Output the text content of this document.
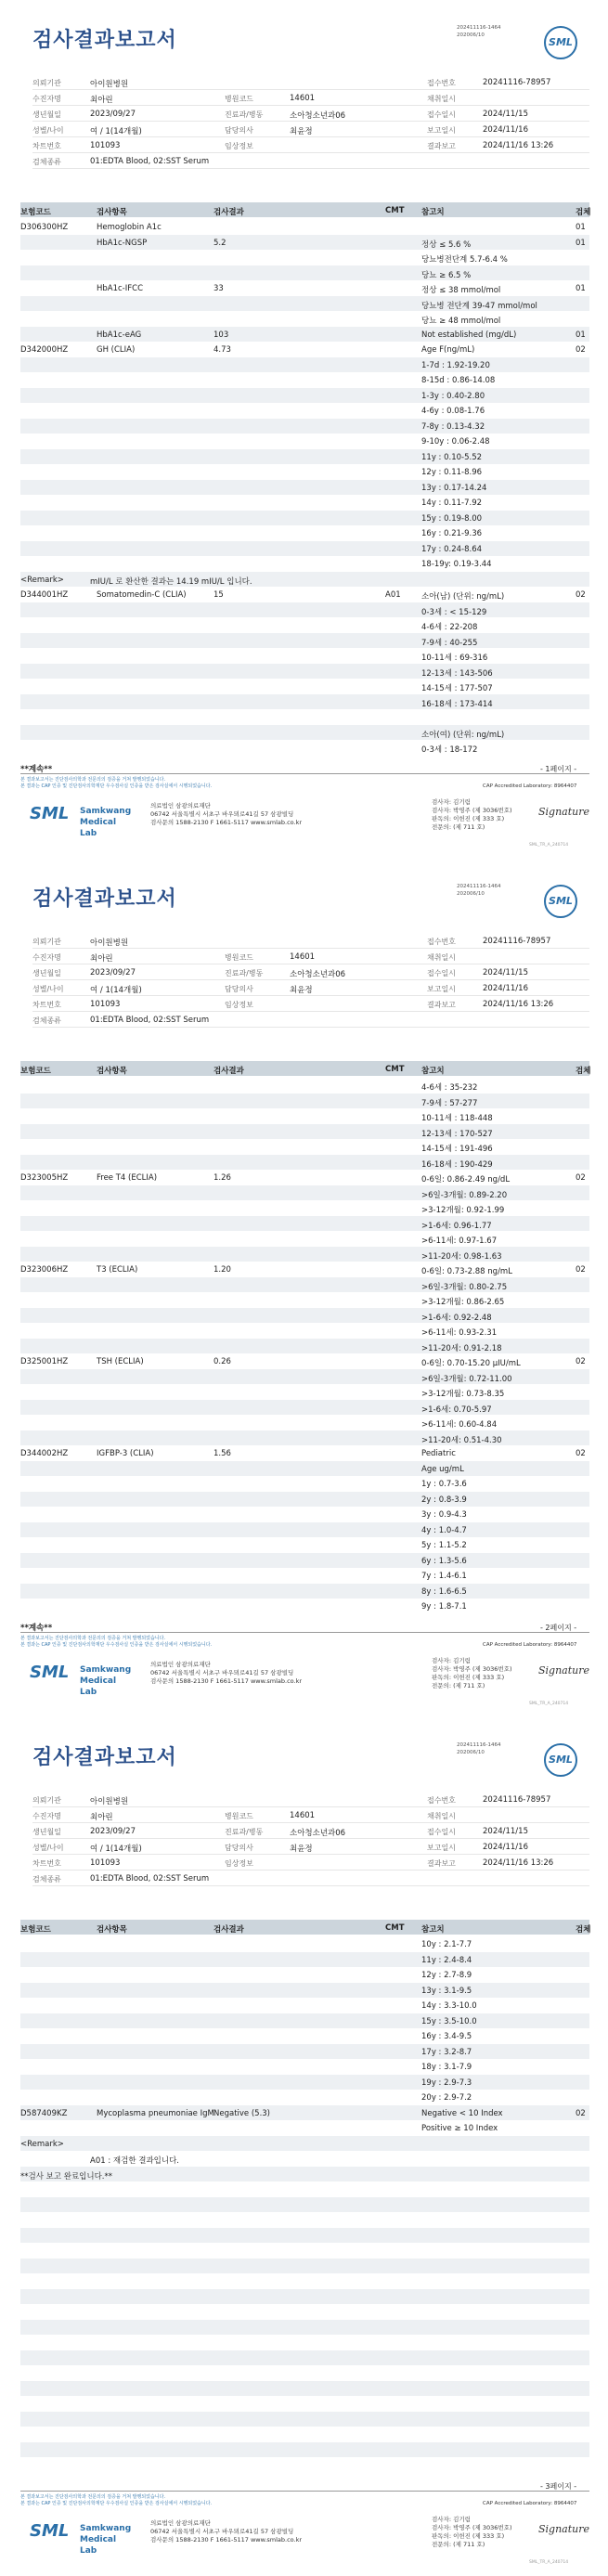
검사결과보고서
202411116-1464
202006/10
SML
의뢰기관	아이원병원	접수번호	20241116-78957
수진자명	최아린	병원코드	14601	채취일시
생년월일	2023/09/27	진료과/병동	소아청소년과06	접수일시	2024/11/15
성별/나이	여 / 1(14개월)	담당의사	최윤정	보고일시	2024/11/16
차트번호	101093	임상정보	결과보고	2024/11/16 13:26
검체종류	01:EDTA Blood, 02:SST Serum
보험코드	검사항목	검사결과	CMT 참고치	검체
D306300HZ	Hemoglobin A1c	01
HbA1c-NGSP	5.2	정상 ≤ 5.6 %	01
당뇨병전단계 5.7-6.4 %
당뇨 ≥ 6.5 %
HbA1c-IFCC	33	정상 ≤ 38 mmol/mol	01
당뇨병 전단계 39-47 mmol/mol
당뇨 ≥ 48 mmol/mol
HbA1c-eAG	103	Not established (mg/dL)	01
D342000HZ	GH (CLIA)	4.73	Age F(ng/mL)	02
1-7d : 1.92-19.20
8-15d : 0.86-14.08
1-3y : 0.40-2.80
4-6y : 0.08-1.76
7-8y : 0.13-4.32
9-10y : 0.06-2.48
11y : 0.10-5.52
12y : 0.11-8.96
13y : 0.17-14.24
14y : 0.11-7.92
15y : 0.19-8.00
16y : 0.21-9.36
17y : 0.24-8.64
18-19y: 0.19-3.44
<Remark>	mIU/L 로 환산한 결과는 14.19 mIU/L 입니다.
D344001HZ	Somatomedin-C (CLIA)	15	A01	소아(남) (단위: ng/mL)	02
0-3세 : < 15-129
4-6세 : 22-208
7-9세 : 40-255
10-11세 : 69-316
12-13세 : 143-506
14-15세 : 177-507
16-18세 : 173-414
소아(여) (단위: ng/mL)
0-3세 : 18-172
**계속**	- 1페이지 -
본 결과보고서는 진단검사의학과 전문의의 검증을 거쳐 발행되었습니다.
본 결과는 CAP 인증 및 진단검사의학재단 우수검사실 인증을 받은 검사실에서 시행되었습니다.	CAP Accredited Laboratory: 8964407
SML Samkwang
Medical Lab
의료법인 삼광의료재단
06742 서울특별시 서초구 바우뫼로41길 57 삼광빌딩
검사문의 1588-2130 F 1661-5117 www.smlab.co.kr
검사자: 김기림
검사자: 박영주 (제 3036번호)
판독의: 이헌진 (제 333 호)
전문의: (제 711 호)
Signature
SML_TR_A_240714
검사결과보고서
202411116-1464
202006/10
SML
의뢰기관	아이원병원	접수번호	20241116-78957
수진자명	최아린	병원코드	14601	채취일시
생년월일	2023/09/27	진료과/병동	소아청소년과06	접수일시	2024/11/15
성별/나이	여 / 1(14개월)	담당의사	최윤정	보고일시	2024/11/16
차트번호	101093	임상정보	결과보고	2024/11/16 13:26
검체종류	01:EDTA Blood, 02:SST Serum
보험코드	검사항목	검사결과	CMT 참고치	검체
4-6세 : 35-232
7-9세 : 57-277
10-11세 : 118-448
12-13세 : 170-527
14-15세 : 191-496
16-18세 : 190-429
D323005HZ	Free T4 (ECLIA)	1.26	0-6일: 0.86-2.49 ng/dL	02
>6일-3개월: 0.89-2.20
>3-12개월: 0.92-1.99
>1-6세: 0.96-1.77
>6-11세: 0.97-1.67
>11-20세: 0.98-1.63
D323006HZ	T3 (ECLIA)	1.20	0-6일: 0.73-2.88 ng/mL	02
>6일-3개월: 0.80-2.75
>3-12개월: 0.86-2.65
>1-6세: 0.92-2.48
>6-11세: 0.93-2.31
>11-20세: 0.91-2.18
D325001HZ	TSH (ECLIA)	0.26	0-6일: 0.70-15.20 µIU/mL	02
>6일-3개월: 0.72-11.00
>3-12개월: 0.73-8.35
>1-6세: 0.70-5.97
>6-11세: 0.60-4.84
>11-20세: 0.51-4.30
D344002HZ	IGFBP-3 (CLIA)	1.56	Pediatric	02
Age ug/mL
1y : 0.7-3.6
2y : 0.8-3.9
3y : 0.9-4.3
4y : 1.0-4.7
5y : 1.1-5.2
6y : 1.3-5.6
7y : 1.4-6.1
8y : 1.6-6.5
9y : 1.8-7.1
**계속**	- 2페이지 -
본 결과보고서는 진단검사의학과 전문의의 검증을 거쳐 발행되었습니다.
본 결과는 CAP 인증 및 진단검사의학재단 우수검사실 인증을 받은 검사실에서 시행되었습니다.	CAP Accredited Laboratory: 8964407
SML Samkwang
Medical Lab
의료법인 삼광의료재단
06742 서울특별시 서초구 바우뫼로41길 57 삼광빌딩
검사문의 1588-2130 F 1661-5117 www.smlab.co.kr
검사자: 김기림
검사자: 박영주 (제 3036번호)
판독의: 이헌진 (제 333 호)
전문의: (제 711 호)
Signature
SML_TR_A_240714
검사결과보고서
202411116-1464
202006/10
SML
의뢰기관	아이원병원	접수번호	20241116-78957
수진자명	최아린	병원코드	14601	채취일시
생년월일	2023/09/27	진료과/병동	소아청소년과06	접수일시	2024/11/15
성별/나이	여 / 1(14개월)	담당의사	최윤정	보고일시	2024/11/16
차트번호	101093	임상정보	결과보고	2024/11/16 13:26
검체종류	01:EDTA Blood, 02:SST Serum
보험코드	검사항목	검사결과	CMT 참고치	검체
10y : 2.1-7.7
11y : 2.4-8.4
12y : 2.7-8.9
13y : 3.1-9.5
14y : 3.3-10.0
15y : 3.5-10.0
16y : 3.4-9.5
17y : 3.2-8.7
18y : 3.1-7.9
19y : 2.9-7.3
20y : 2.9-7.2
D587409KZ	Mycoplasma pneumoniae IgM Negative (5.3)	Negative < 10 Index	02
Positive ≥ 10 Index
<Remark>
A01 : 재검한 결과입니다.
**검사 보고 완료입니다.**
- 3페이지 -
본 결과보고서는 진단검사의학과 전문의의 검증을 거쳐 발행되었습니다.
본 결과는 CAP 인증 및 진단검사의학재단 우수검사실 인증을 받은 검사실에서 시행되었습니다.	CAP Accredited Laboratory: 8964407
SML Samkwang
Medical Lab
의료법인 삼광의료재단
06742 서울특별시 서초구 바우뫼로41길 57 삼광빌딩
검사문의 1588-2130 F 1661-5117 www.smlab.co.kr
검사자: 김기림
검사자: 박영주 (제 3036번호)
판독의: 이헌진 (제 333 호)
전문의: (제 711 호)
Signature
SML_TR_A_240714
